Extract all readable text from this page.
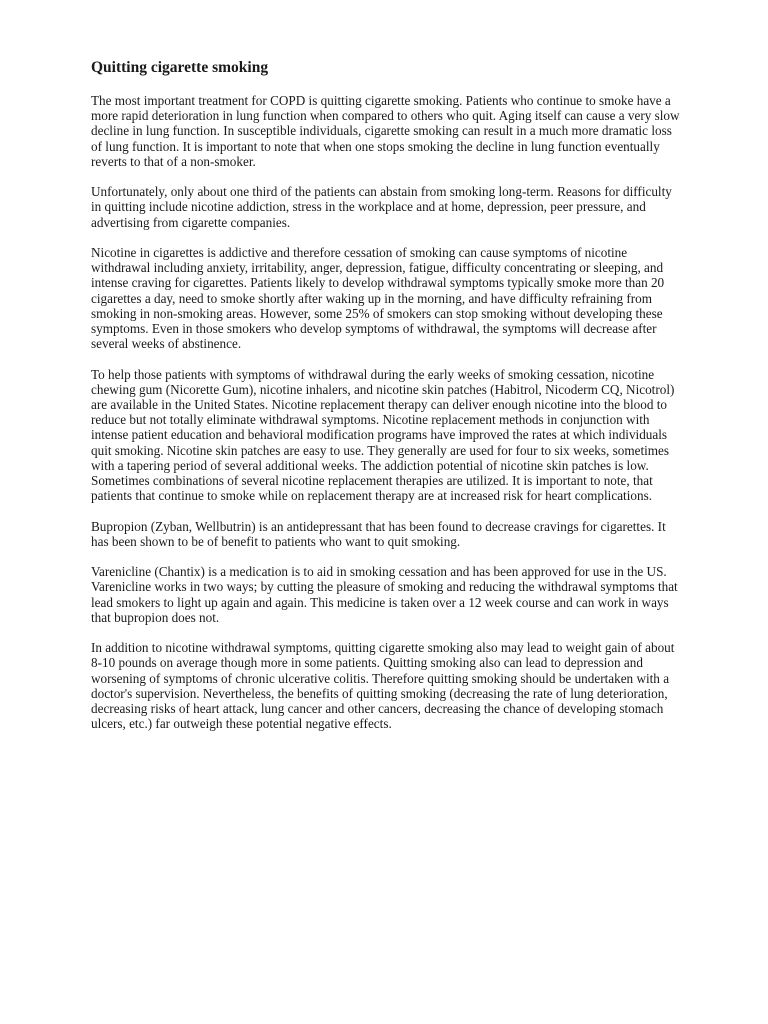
Quitting cigarette smoking

The most important treatment for COPD is quitting cigarette smoking. Patients who continue to smoke have a more rapid deterioration in lung function when compared to others who quit. Aging itself can cause a very slow decline in lung function. In susceptible individuals, cigarette smoking can result in a much more dramatic loss of lung function. It is important to note that when one stops smoking the decline in lung function eventually reverts to that of a non-smoker.

Unfortunately, only about one third of the patients can abstain from smoking long-term. Reasons for difficulty in quitting include nicotine addiction, stress in the workplace and at home, depression, peer pressure, and advertising from cigarette companies.

Nicotine in cigarettes is addictive and therefore cessation of smoking can cause symptoms of nicotine withdrawal including anxiety, irritability, anger, depression, fatigue, difficulty concentrating or sleeping, and intense craving for cigarettes. Patients likely to develop withdrawal symptoms typically smoke more than 20 cigarettes a day, need to smoke shortly after waking up in the morning, and have difficulty refraining from smoking in non-smoking areas. However, some 25% of smokers can stop smoking without developing these symptoms. Even in those smokers who develop symptoms of withdrawal, the symptoms will decrease after several weeks of abstinence.

To help those patients with symptoms of withdrawal during the early weeks of smoking cessation, nicotine chewing gum (Nicorette Gum), nicotine inhalers, and nicotine skin patches (Habitrol, Nicoderm CQ, Nicotrol) are available in the United States. Nicotine replacement therapy can deliver enough nicotine into the blood to reduce but not totally eliminate withdrawal symptoms. Nicotine replacement methods in conjunction with intense patient education and behavioral modification programs have improved the rates at which individuals quit smoking. Nicotine skin patches are easy to use. They generally are used for four to six weeks, sometimes with a tapering period of several additional weeks. The addiction potential of nicotine skin patches is low. Sometimes combinations of several nicotine replacement therapies are utilized. It is important to note, that patients that continue to smoke while on replacement therapy are at increased risk for heart complications.

Bupropion (Zyban, Wellbutrin) is an antidepressant that has been found to decrease cravings for cigarettes. It has been shown to be of benefit to patients who want to quit smoking.

Varenicline (Chantix) is a medication is to aid in smoking cessation and has been approved for use in the US. Varenicline works in two ways; by cutting the pleasure of smoking and reducing the withdrawal symptoms that lead smokers to light up again and again. This medicine is taken over a 12 week course and can work in ways that bupropion does not.

In addition to nicotine withdrawal symptoms, quitting cigarette smoking also may lead to weight gain of about 8-10 pounds on average though more in some patients. Quitting smoking also can lead to depression and worsening of symptoms of chronic ulcerative colitis. Therefore quitting smoking should be undertaken with a doctor's supervision. Nevertheless, the benefits of quitting smoking (decreasing the rate of lung deterioration, decreasing risks of heart attack, lung cancer and other cancers, decreasing the chance of developing stomach ulcers, etc.) far outweigh these potential negative effects.
